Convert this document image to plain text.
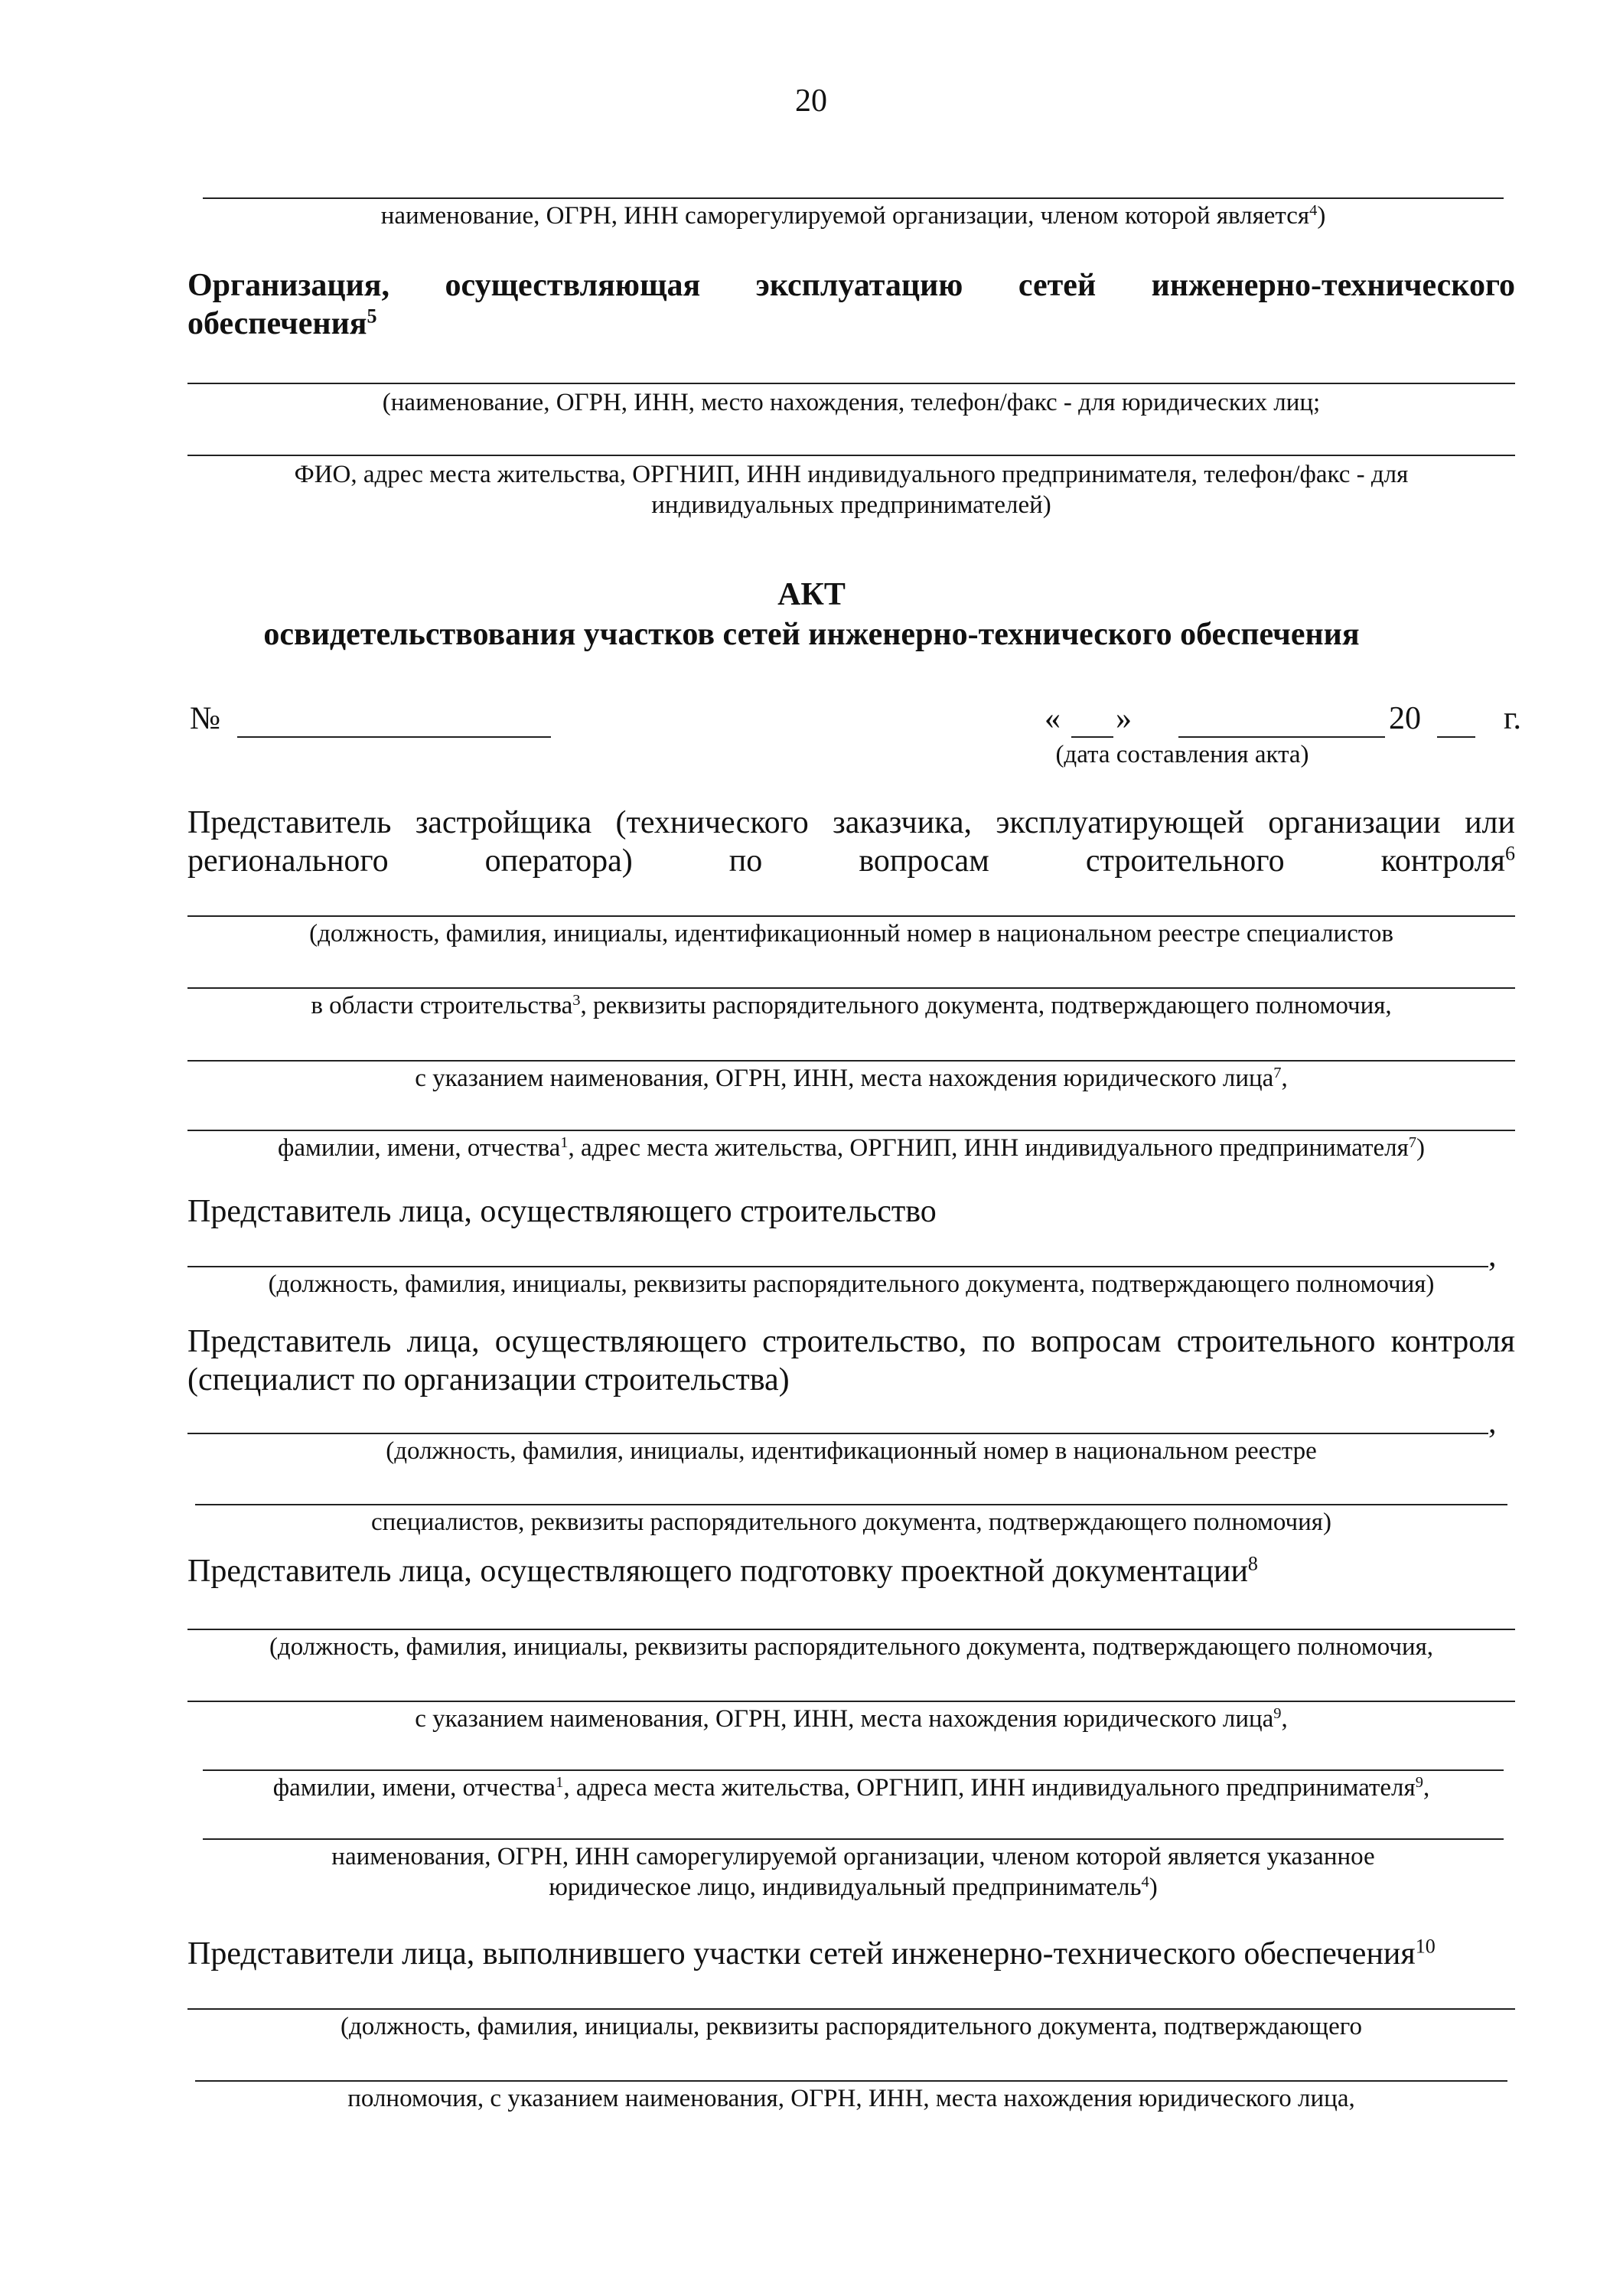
20
наименование, ОГРН, ИНН саморегулируемой организации, членом которой является$^4$)
Организация, осуществляющая эксплуатацию сетей инженерно-технического
обеспечения$^5$
(наименование, ОГРН, ИНН, место нахождения, телефон/факс - для юридических лиц;
ФИО, адрес места жительства, ОРГНИП, ИНН индивидуального предпринимателя, телефон/факс - для
индивидуальных предпринимателей)
АКТ
освидетельствования участков сетей инженерно-технического обеспечения
№	« »	20	г.
(дата составления акта)
Представитель застройщика (технического заказчика, эксплуатирующей организации или регионального оператора) по вопросам строительного контроля$^6$
(должность, фамилия, инициалы, идентификационный номер в национальном реестре специалистов
в области строительства$^3$, реквизиты распорядительного документа, подтверждающего полномочия,
с указанием наименования, ОГРН, ИНН, места нахождения юридического лица$^7$,
фамилии, имени, отчества$^1$, адрес места жительства, ОРГНИП, ИНН индивидуального предпринимателя$^7$)
Представитель лица, осуществляющего строительство
,
(должность, фамилия, инициалы, реквизиты распорядительного документа, подтверждающего полномочия)
Представитель лица, осуществляющего строительство, по вопросам строительного контроля
(специалист по организации строительства)
,
(должность, фамилия, инициалы, идентификационный номер в национальном реестре
специалистов, реквизиты распорядительного документа, подтверждающего полномочия)
Представитель лица, осуществляющего подготовку проектной документации$^8$
(должность, фамилия, инициалы, реквизиты распорядительного документа, подтверждающего полномочия,
с указанием наименования, ОГРН, ИНН, места нахождения юридического лица$^9$,
фамилии, имени, отчества$^1$, адреса места жительства, ОРГНИП, ИНН индивидуального предпринимателя$^9$,
наименования, ОГРН, ИНН саморегулируемой организации, членом которой является указанное
юридическое лицо, индивидуальный предприниматель$^4$)
Представители лица, выполнившего участки сетей инженерно-технического обеспечения$^{10}$
(должность, фамилия, инициалы, реквизиты распорядительного документа, подтверждающего
полномочия, с указанием наименования, ОГРН, ИНН, места нахождения юридического лица,
